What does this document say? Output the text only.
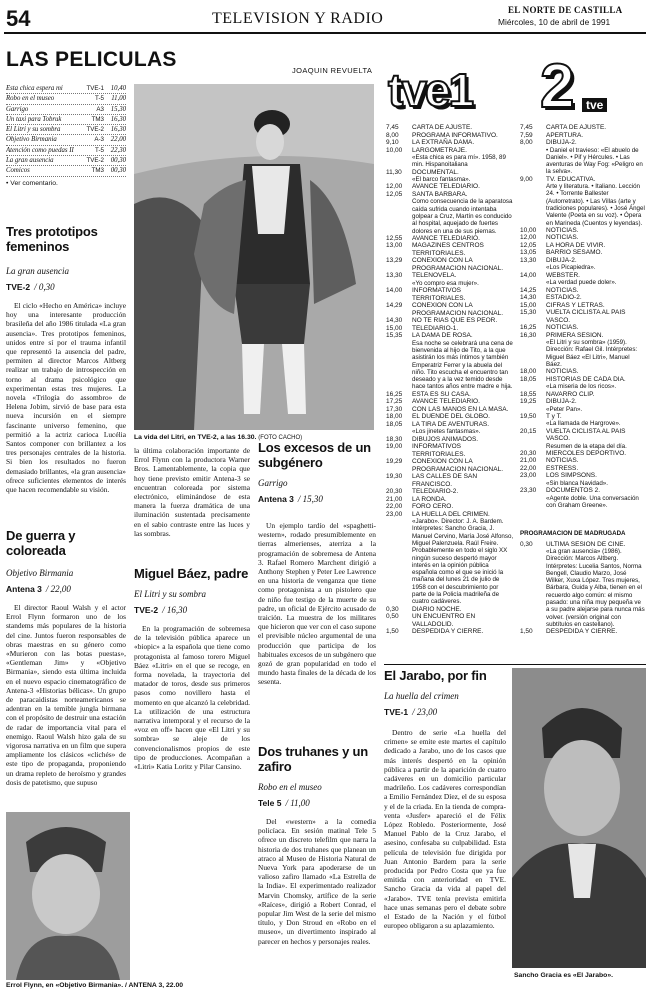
54	TELEVISION Y RADIO	EL NORTE DE CASTILLA
Miércoles, 10 de abril de 1991
LAS PELICULAS	JOAQUIN REVUELTA
Esta chica espera mi	TVE-1 10,40
Robo en el museo	T-5	11,00
Garrigo	A3 15,30
Un taxi para Tobruk	TM3 16,30
El Litri y su sombra	TVE-2 16,30
Objetivo Birmania	A-3 22,00
Atención como puedas II	T-5 22,30
La gran ausencia	TVE-2 00,30
Comicos	TM3 00,30
• Ver comentario.
Tres prototipos femeninos
La gran ausencia
TVE-2 / 0,30

El ciclo «Hecho en América» incluye hoy una interesante producción brasileña del año 1986 titulada «La gran ausencia». Tres prototipos femeninos, unidos entre sí por el trauma infantil que representó la ausencia del padre, permiten al director Marcos Altberg realizar un trabajo de introspección en torno al drama psicológico que experimentan estas tres mujeres. La novela «Trilogía do assombro» de Helena Jobim, sirvió de base para esta nueva incursión en el siempre fascinante universo femenino, que permitió a la actriz carioca Lucélia Santos componer con brillantez a los tres personajes centrales de la historia. Si bien los resultados no fueron demasiado brillantes, «la gran ausencia» ofrece suficientes elementos de interés que hacen recomendable su visión.

De guerra y coloreada
Objetivo Birmania
Antena 3 / 22,00

El director Raoul Walsh y el actor Errol Flynn formaron uno de los standems más populares de la historia del cine. Juntos fueron responsables de obras maestras en su género como «Murieron con las botas puestas», «Gentleman Jim» y «Objetivo Birmania», siendo esta última incluida en el nuevo espacio cinematográfico de Antena-3 «Historias bélicas». Un grupo de paracaidistas norteamericanos se adentran en la temible jungla birmana con el propósito de destruir una estación de radar de importancia vital para el enemigo. Raoul Walsh hizo gala de su vigorosa narrativa en un film que supera ampliamente los clásicos «clichés» de este tipo de propaganda, proponiendo un drama repleto de heroísmo y grandes dosis de patetismo, que supuso

La vida del Litri, en TVE-2, a las 16.30. (FOTO CACHO)

la última colaboración importante de Errol Flynn con la productora Warner Bros. Lamentablemente, la copia que hoy tiene previsto emitir Antena-3 se encuentran coloreada por sistema electrónico, eliminándose de esta manera la fuerza dramática de una iluminación sustentada precisamente en el sabio contraste entre las luces y las sombras.

Miguel Báez, padre
El Litri y su sombra
TVE-2 / 16,30

En la programación de sobremesa de la televisión pública aparece un «biopic» a la española que tiene como protagonista al famoso torero Miguel Báez «Litri» en el que se recoge, en forma novelada, la trayectoria del matador de toros, desde sus primeros pasos como novillero hasta el momento en que alcanzó la celebridad. La utilización de una estructura narrativa intemporal y el recurso de la «voz en off» hacen que «El Litri y su sombra» se aleje de los convencionalismos propios de este tipo de producciones. Acompañan a «Litri» Katia Loritz y Pilar Cansino.

Errol Flynn, en «Objetivo Birmania». / ANTENA 3, 22.00
Los excesos de un subgénero
Garrigo
Antena 3 / 15,30

Un ejemplo tardío del «spaghetti-western», rodado presumiblemente en tierras almerienses, aterriza a la programación de sobremesa de Antena 3. Rafael Romero Marchent dirigió a Anthony Stephen y Peter Lee Lawrence en una historia de venganza que tiene como protagonista a un pistolero que de niño fue testigo de la muerte de su padre, un oficial de Ejército acusado de traición. La muestra de los militares que hicieron que ver con el caso supone el previsible núcleo argumental de una producción que participa de los habituales excesos de un subgénero que gozó de gran popularidad en todo el mundo hasta finales de la década de los sesenta.

Dos truhanes y un zafiro
Robo en el museo
Tele 5 / 11,00

Del «western» a la comedia policíaca. En sesión matinal Tele 5 ofrece un discreto telefilm que narra la historia de dos truhanes que planean un atraco al Museo de Historia Natural de Nueva York para apoderarse de un valioso zafiro llamado «La Estrella de la India». El experimentado realizador Marvin Chomsky, artífice de la serie «Raíces», dirigió a Robert Conrad, el popular Jim West de la serie del mismo título, y Don Stroud en «Robo en el museo», un divertimento inspirado al parecer en hechos y personajes reales.

tve1
7,45	CARTA DE AJUSTE.
8,00	PROGRAMA INFORMATIVO.
9,10	LA EXTRAÑA DAMA.
10,00	LARGOMETRAJE.
«Esta chica es para mí». 1958, 89 min. Hispanoitaliana
11,30	DOCUMENTAL.
«El barco fantasma».
12,00	AVANCE TELEDIARIO.
12,05	SANTA BARBARA.
Como consecuencia de la aparatosa caída sufrida cuando intentaba golpear a Cruz, Martín es conducido al hospital, aquejado de fuertes dolores en una de sus piernas.
12,55	AVANCE TELEDIARIO.
13,00	MAGAZINES CENTROS TERRITORIALES.
13,29	CONEXION CON LA PROGRAMACION NACIONAL.
13,30	TELENOVELA.
«Yo compro esa mujer».
14,00	INFORMATIVOS TERRITORIALES.
14,29	CONEXION CON LA PROGRAMACION NACIONAL.
14,30	NO TE RIAS QUE ES PEOR.
15,00	TELEDIARIO-1.
15,35	LA DAMA DE ROSA.
Esa noche se celebrará una cena de bienvenida al hijo de Tito, a la que asistirán los más íntimos y también Emperatriz Ferrer y la abuela del niño. Tito escucha el encuentro tan deseado y a la vez temido desde hace tantos años entre madre e hija.
16,25	ESTA ES SU CASA.
17,25	AVANCE TELEDIARIO.
17,30	CON LAS MANOS EN LA MASA.
18,00	EL DUENDE DEL GLOBO.
18,05	LA TIRA DE AVENTURAS.
«Los jinetes fantasmas».
18,30	DIBUJOS ANIMADOS.
19,00	INFORMATIVOS TERRITORIALES.
19,29	CONEXION CON LA PROGRAMACION NACIONAL.
19,30	LAS CALLES DE SAN FRANCISCO.
20,30	TELEDIARIO-2.
21,00	LA RONDA.
22,00	FORO CERO.
23,00	LA HUELLA DEL CRIMEN.
«Jarabo». Director: J. A. Bardem. Intérpretes: Sancho Gracia, J. Manuel Cervino, María José Alfonso, Miguel Palenzuela. Raúl Freire. Probablemente en todo el siglo XX ningún suceso despertó mayor interés en la opinión pública española como el que se inició la mañana del lunes 21 de julio de 1958 con el descubrimiento por parte de la Policía madrileña de cuatro cadáveres.
0,30	DIARIO NOCHE.
0,50	UN ENCUENTRO EN VALLADOLID.
1,50	DESPEDIDA Y CIERRE.
2 tve
7,45	CARTA DE AJUSTE.
7,59	APERTURA.
8,00	DIBUJA-2.
• Daniel el travieso: «El abuelo de Daniel». • Pif y Hércules. • Las aventuras de Way Fog: «Peligro en la selva».
9,00	TV. EDUCATIVA.
Arte y literatura. • Italiano. Lección 24. • Torrente Ballester (Autorretrato). • Las Villas (arte y tradiciones populares). • José Ángel Valente (Poeta en su voz). • Ópera en Marineda (Cuentos y leyendas).
10,00	NOTICIAS.
12,00	NOTICIAS.
12,05	LA HORA DE VIVIR.
13,05	BARRIO SESAMO.
13,30	DIBUJA-2.
«Los Picapiedra».
14,00	WEBSTER.
«La verdad puede doler».
14,25	NOTICIAS.
14,30	ESTADIO-2.
15,00	CIFRAS Y LETRAS.
15,30	VUELTA CICLISTA AL PAIS VASCO.
16,25	NOTICIAS.
16,30	PRIMERA SESION.
«El Litri y su sombra» (1959). Dirección: Rafael Gil. Intérpretes: Miguel Báez «El Litri», Manuel Báez.
18,00	NOTICIAS.
18,05	HISTORIAS DE CADA DIA.
«La miseria de los ricos».
18,55	NAVARRO CLIP.
19,25	DIBUJA-2.
«Peter Pan».
19,50	T y T.
«La llamada de Hargrove».
20,15	VUELTA CICLISTA AL PAIS VASCO.
Resumen de la etapa del día.
20,30	MIERCOLES DEPORTIVO.
21,00	NOTICIAS.
22,00	ESTRESS.
23,00	LOS SIMPSONS.
«Sin blanca Navidad».
23,30	DOCUMENTOS 2.
«Agente doble. Una conversación con Graham Greene».
PROGRAMACION DE MADRUGADA
0,30	ULTIMA SESION DE CINE.
«La gran ausencia» (1986). Dirección: Marcos Altberg. Intérpretes: Lucelia Santos, Norma Bengell, Claudio Marzo, José Wilker, Xuxa López. Tres mujeres, Bárbara, Guida y Alba, tienen en el recuerdo algo común: el mismo pasado: una niña muy pequeña ve a su padre alejarse para nunca más volver. (versión original con subtítulos en castellano).
1,50	DESPEDIDA Y CIERRE.
El Jarabo, por fin
La huella del crimen
TVE-1 / 23,00

Dentro de serie «La huella del crimen» se emite este martes el capítulo dedicado a Jarabo, uno de los casos que más interés despertó en la opinión pública a partir de la aparición de cuatro cadáveres en un domicilio particular madrileño. Los cadáveres correspondían a Emilio Fernández Díez, el de su esposa y el de la criada. En la tienda de compra-venta «Jusfer» apareció el de Félix López Robledo. Posteriormente, José Manuel Pablo de la Cruz Jarabo, el asesino, confesaba su culpabilidad. Esta película de televisión fue dirigida por Juan Antonio Bardem para la serie producida por Pedro Costa que ya fue emitida con anterioridad en TVE. Sancho Gracia da vida al papel del «Jarabo». TVE tenía prevista emitirla hace unas semanas pero el debate sobre el Estado de la Nación y el fútbol europeo obligaron a su aplazamiento.

Sancho Gracia es «El Jarabo».
